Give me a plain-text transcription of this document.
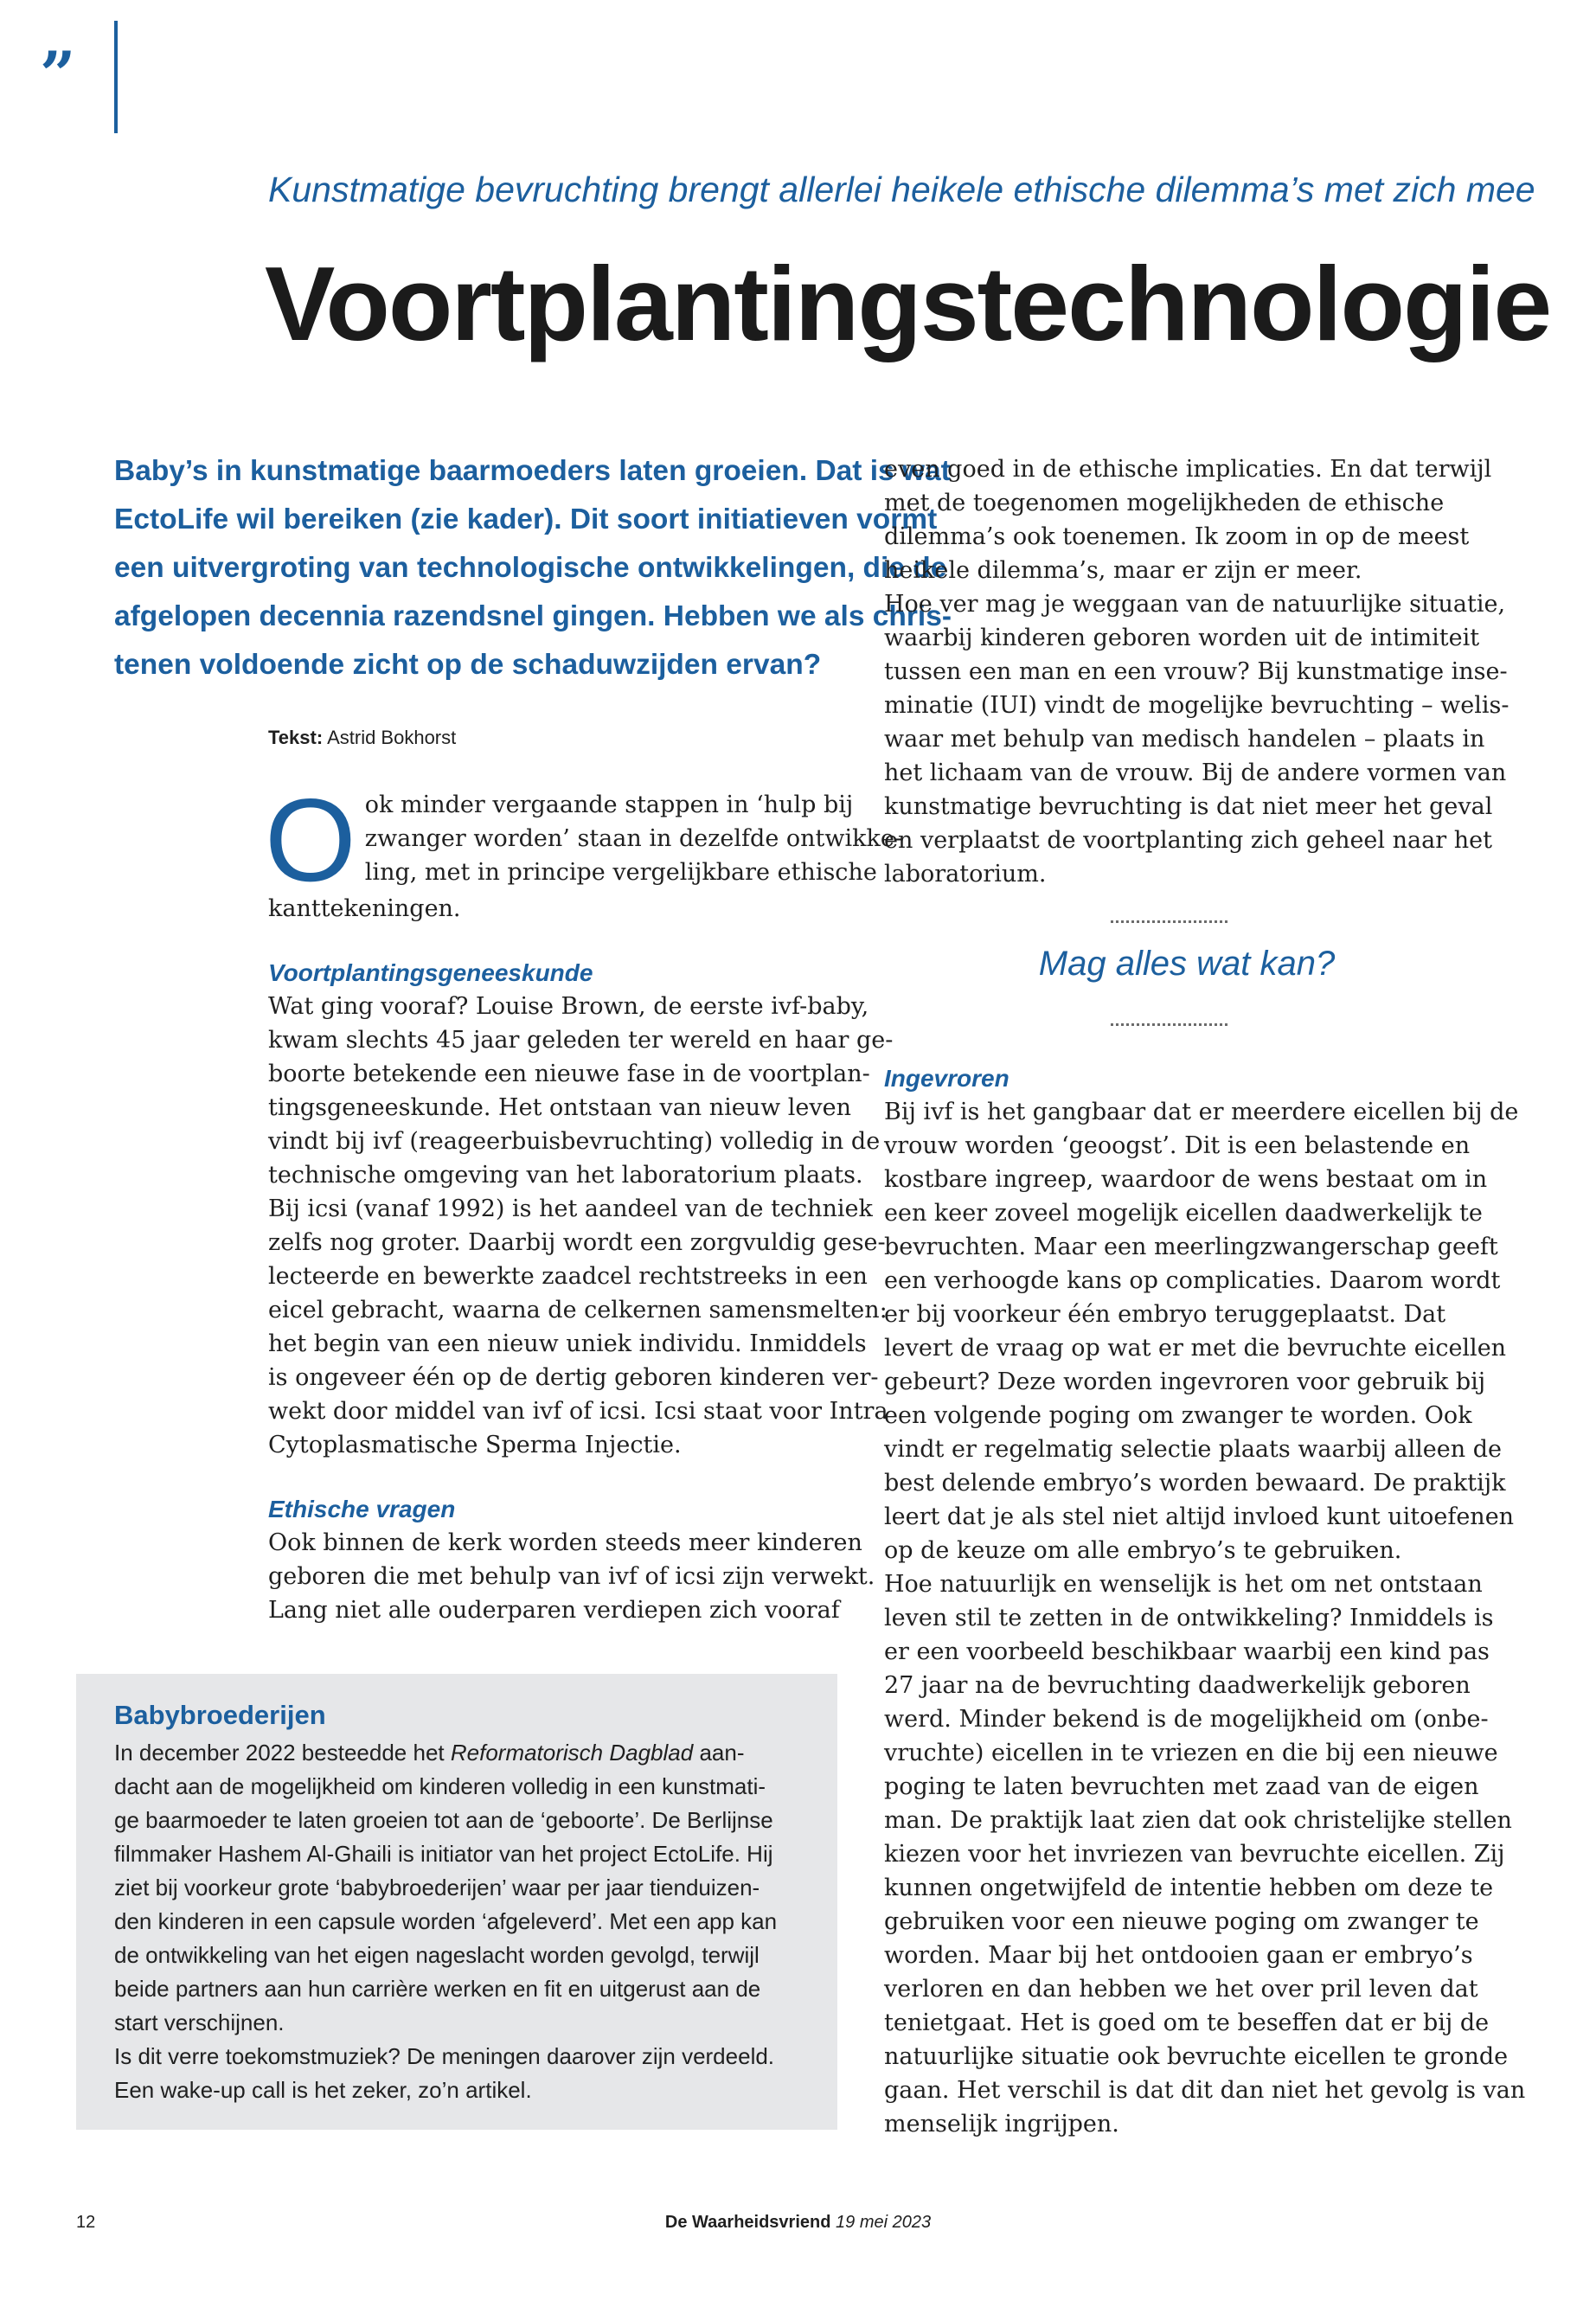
”
Kunstmatige bevruchting brengt allerlei heikele ethische dilemma’s met zich mee
Voortplantingstechnologie
Baby’s in kunstmatige baarmoeders laten groeien. Dat is wat
EctoLife wil bereiken (zie kader). Dit soort initiatieven vormt
een uitvergroting van technologische ontwikkelingen, die de
afgelopen decennia razendsnel gingen. Hebben we als chris-
tenen voldoende zicht op de schaduwzijden ervan?
Tekst: Astrid Bokhorst
O ok minder vergaande stappen in ‘hulp bij
zwanger worden’ staan in dezelfde ontwikke-
ling, met in principe vergelijkbare ethische
kanttekeningen.
Voortplantingsgeneeskunde
Wat ging vooraf? Louise Brown, de eerste ivf-baby,
kwam slechts 45 jaar geleden ter wereld en haar ge-
boorte betekende een nieuwe fase in de voortplan-
tingsgeneeskunde. Het ontstaan van nieuw leven
vindt bij ivf (reageerbuisbevruchting) volledig in de
technische omgeving van het laboratorium plaats.
Bij icsi (vanaf 1992) is het aandeel van de techniek
zelfs nog groter. Daarbij wordt een zorgvuldig gese-
lecteerde en bewerkte zaadcel rechtstreeks in een
eicel gebracht, waarna de celkernen samensmelten:
het begin van een nieuw uniek individu. Inmiddels
is ongeveer één op de dertig geboren kinderen ver-
wekt door middel van ivf of icsi. Icsi staat voor Intra
Cytoplasmatische Sperma Injectie.
Ethische vragen
Ook binnen de kerk worden steeds meer kinderen
geboren die met behulp van ivf of icsi zijn verwekt.
Lang niet alle ouderparen verdiepen zich vooraf
even goed in de ethische implicaties. En dat terwijl
met de toegenomen mogelijkheden de ethische
dilemma’s ook toenemen. Ik zoom in op de meest
heikele dilemma’s, maar er zijn er meer.
Hoe ver mag je weggaan van de natuurlijke situatie,
waarbij kinderen geboren worden uit de intimiteit
tussen een man en een vrouw? Bij kunstmatige inse-
minatie (IUI) vindt de mogelijke bevruchting – welis-
waar met behulp van medisch handelen – plaats in
het lichaam van de vrouw. Bij de andere vormen van
kunstmatige bevruchting is dat niet meer het geval
en verplaatst de voortplanting zich geheel naar het
laboratorium.
Mag alles wat kan?
Ingevroren
Bij ivf is het gangbaar dat er meerdere eicellen bij de
vrouw worden ‘geoogst’. Dit is een belastende en
kostbare ingreep, waardoor de wens bestaat om in
een keer zoveel mogelijk eicellen daadwerkelijk te
bevruchten. Maar een meerlingzwangerschap geeft
een verhoogde kans op complicaties. Daarom wordt
er bij voorkeur één embryo teruggeplaatst. Dat
levert de vraag op wat er met die bevruchte eicellen
gebeurt? Deze worden ingevroren voor gebruik bij
een volgende poging om zwanger te worden. Ook
vindt er regelmatig selectie plaats waarbij alleen de
best delende embryo’s worden bewaard. De praktijk
leert dat je als stel niet altijd invloed kunt uitoefenen
op de keuze om alle embryo’s te gebruiken.
Hoe natuurlijk en wenselijk is het om net ontstaan
leven stil te zetten in de ontwikkeling? Inmiddels is
er een voorbeeld beschikbaar waarbij een kind pas
27 jaar na de bevruchting daadwerkelijk geboren
werd. Minder bekend is de mogelijkheid om (onbe-
vruchte) eicellen in te vriezen en die bij een nieuwe
poging te laten bevruchten met zaad van de eigen
man. De praktijk laat zien dat ook christelijke stellen
kiezen voor het invriezen van bevruchte eicellen. Zij
kunnen ongetwijfeld de intentie hebben om deze te
gebruiken voor een nieuwe poging om zwanger te
worden. Maar bij het ontdooien gaan er embryo’s
verloren en dan hebben we het over pril leven dat
tenietgaat. Het is goed om te beseffen dat er bij de
natuurlijke situatie ook bevruchte eicellen te gronde
gaan. Het verschil is dat dit dan niet het gevolg is van
menselijk ingrijpen.
Babybroederijen
In december 2022 besteedde het Reformatorisch Dagblad aan-
dacht aan de mogelijkheid om kinderen volledig in een kunstmati-
ge baarmoeder te laten groeien tot aan de ‘geboorte’. De Berlijnse
filmmaker Hashem Al-Ghaili is initiator van het project EctoLife. Hij
ziet bij voorkeur grote ‘babybroederijen’ waar per jaar tienduizen-
den kinderen in een capsule worden ‘afgeleverd’. Met een app kan
de ontwikkeling van het eigen nageslacht worden gevolgd, terwijl
beide partners aan hun carrière werken en fit en uitgerust aan de
start verschijnen.
Is dit verre toekomstmuziek? De meningen daarover zijn verdeeld.
Een wake-up call is het zeker, zo’n artikel.
12	De Waarheidsvriend 19 mei 2023
